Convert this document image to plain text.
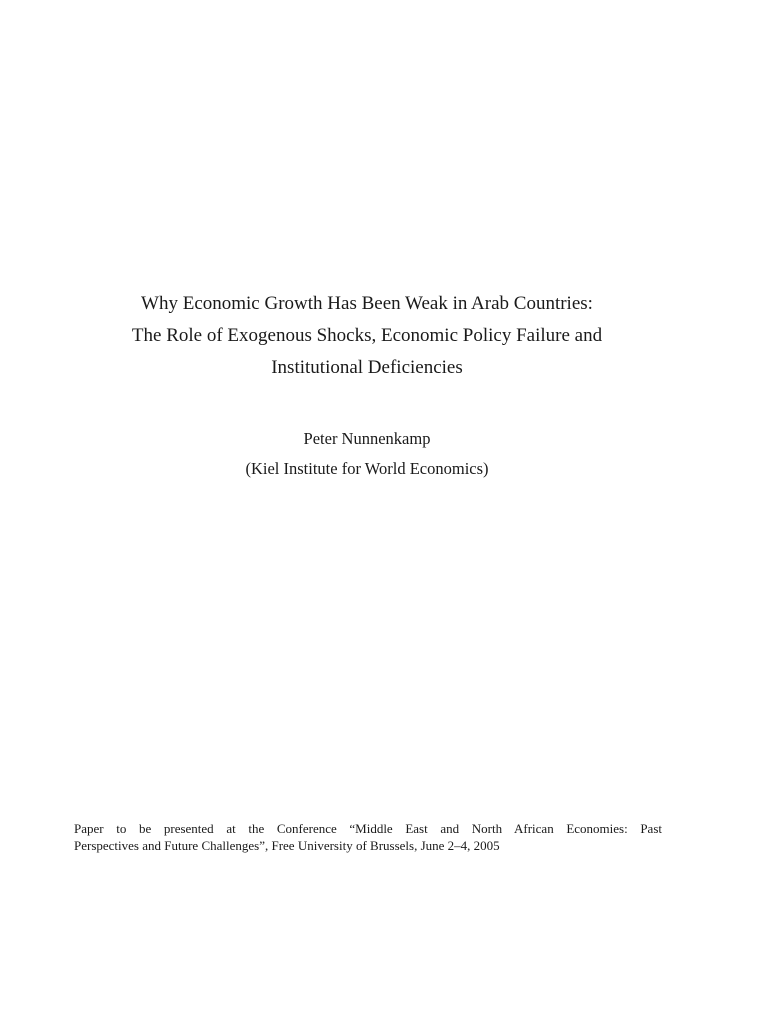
Why Economic Growth Has Been Weak in Arab Countries:
The Role of Exogenous Shocks, Economic Policy Failure and
Institutional Deficiencies
Peter Nunnenkamp
(Kiel Institute for World Economics)
Paper to be presented at the Conference “Middle East and North African Economies: Past
Perspectives and Future Challenges”, Free University of Brussels, June 2–4, 2005
